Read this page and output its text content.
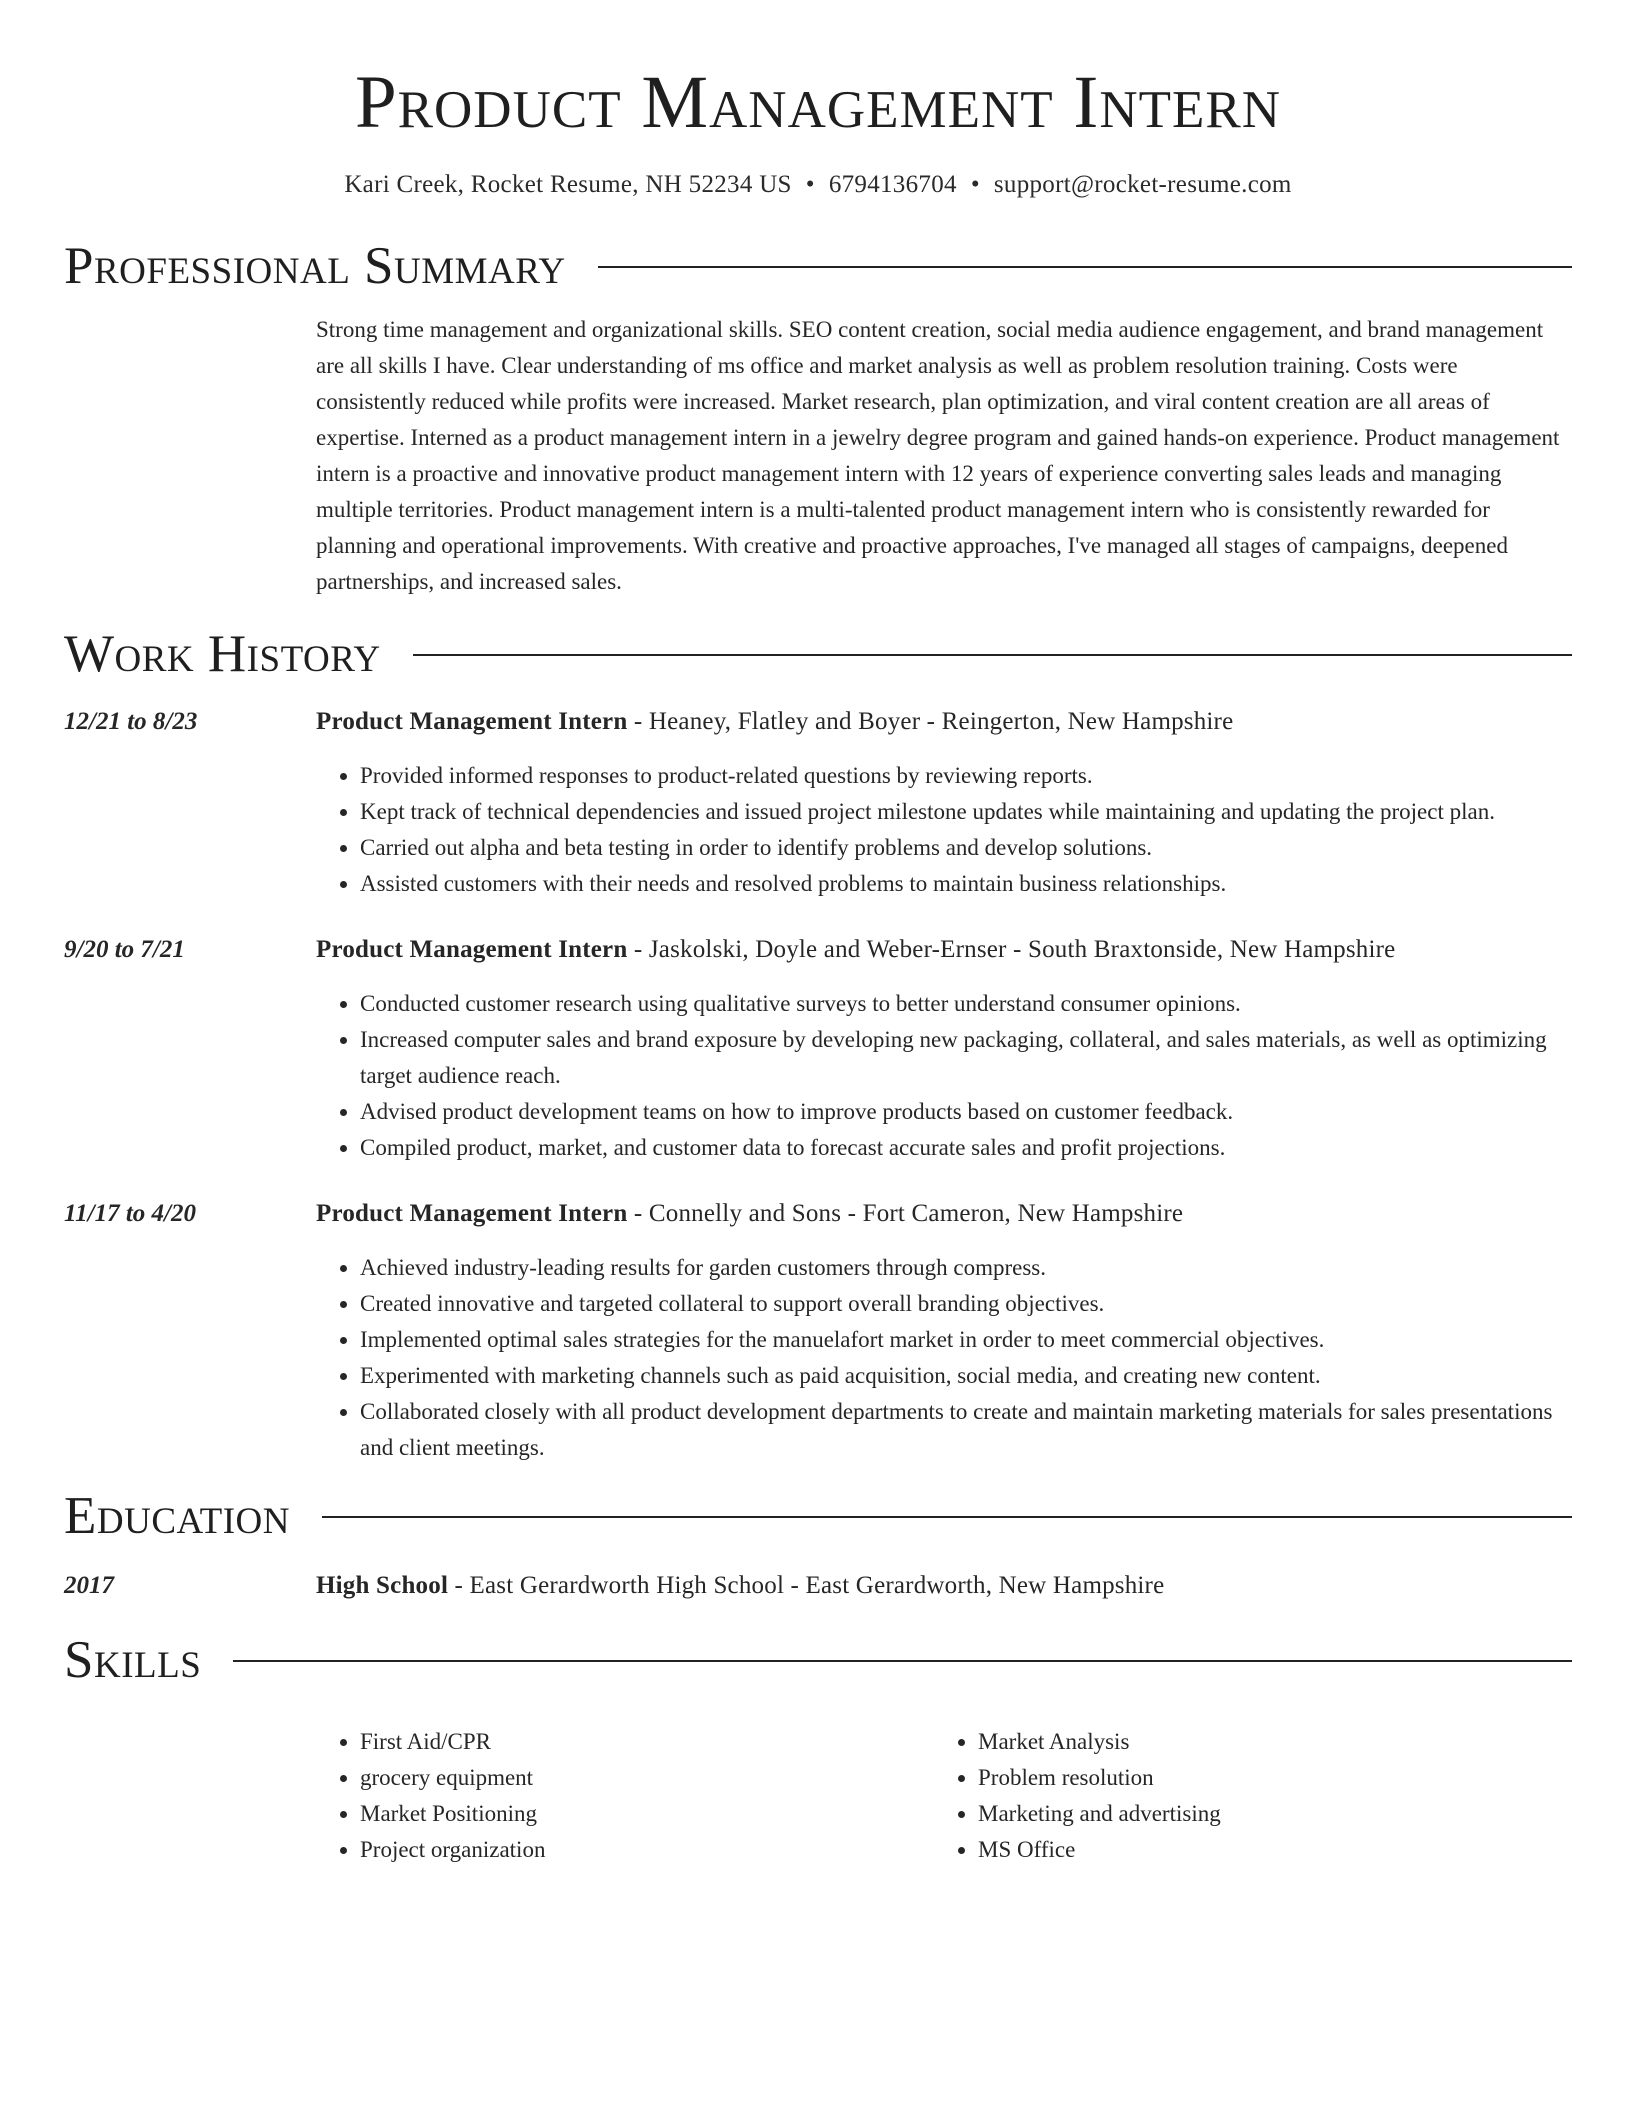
Product Management Intern
Kari Creek, Rocket Resume, NH 52234 US • 6794136704 • support@rocket-resume.com
Professional Summary
Strong time management and organizational skills. SEO content creation, social media audience engagement, and brand management are all skills I have. Clear understanding of ms office and market analysis as well as problem resolution training. Costs were consistently reduced while profits were increased. Market research, plan optimization, and viral content creation are all areas of expertise. Interned as a product management intern in a jewelry degree program and gained hands-on experience. Product management intern is a proactive and innovative product management intern with 12 years of experience converting sales leads and managing multiple territories. Product management intern is a multi-talented product management intern who is consistently rewarded for planning and operational improvements. With creative and proactive approaches, I've managed all stages of campaigns, deepened partnerships, and increased sales.
Work History
12/21 to 8/23	Product Management Intern - Heaney, Flatley and Boyer - Reingerton, New Hampshire
• Provided informed responses to product-related questions by reviewing reports.
• Kept track of technical dependencies and issued project milestone updates while maintaining and updating the project plan.
• Carried out alpha and beta testing in order to identify problems and develop solutions.
• Assisted customers with their needs and resolved problems to maintain business relationships.
9/20 to 7/21	Product Management Intern - Jaskolski, Doyle and Weber-Ernser - South Braxtonside, New Hampshire
• Conducted customer research using qualitative surveys to better understand consumer opinions.
• Increased computer sales and brand exposure by developing new packaging, collateral, and sales materials, as well as optimizing target audience reach.
• Advised product development teams on how to improve products based on customer feedback.
• Compiled product, market, and customer data to forecast accurate sales and profit projections.
11/17 to 4/20	Product Management Intern - Connelly and Sons - Fort Cameron, New Hampshire
• Achieved industry-leading results for garden customers through compress.
• Created innovative and targeted collateral to support overall branding objectives.
• Implemented optimal sales strategies for the manuelafort market in order to meet commercial objectives.
• Experimented with marketing channels such as paid acquisition, social media, and creating new content.
• Collaborated closely with all product development departments to create and maintain marketing materials for sales presentations and client meetings.
Education
2017	High School - East Gerardworth High School - East Gerardworth, New Hampshire
Skills
• First Aid/CPR
• grocery equipment
• Market Positioning
• Project organization
• Market Analysis
• Problem resolution
• Marketing and advertising
• MS Office
